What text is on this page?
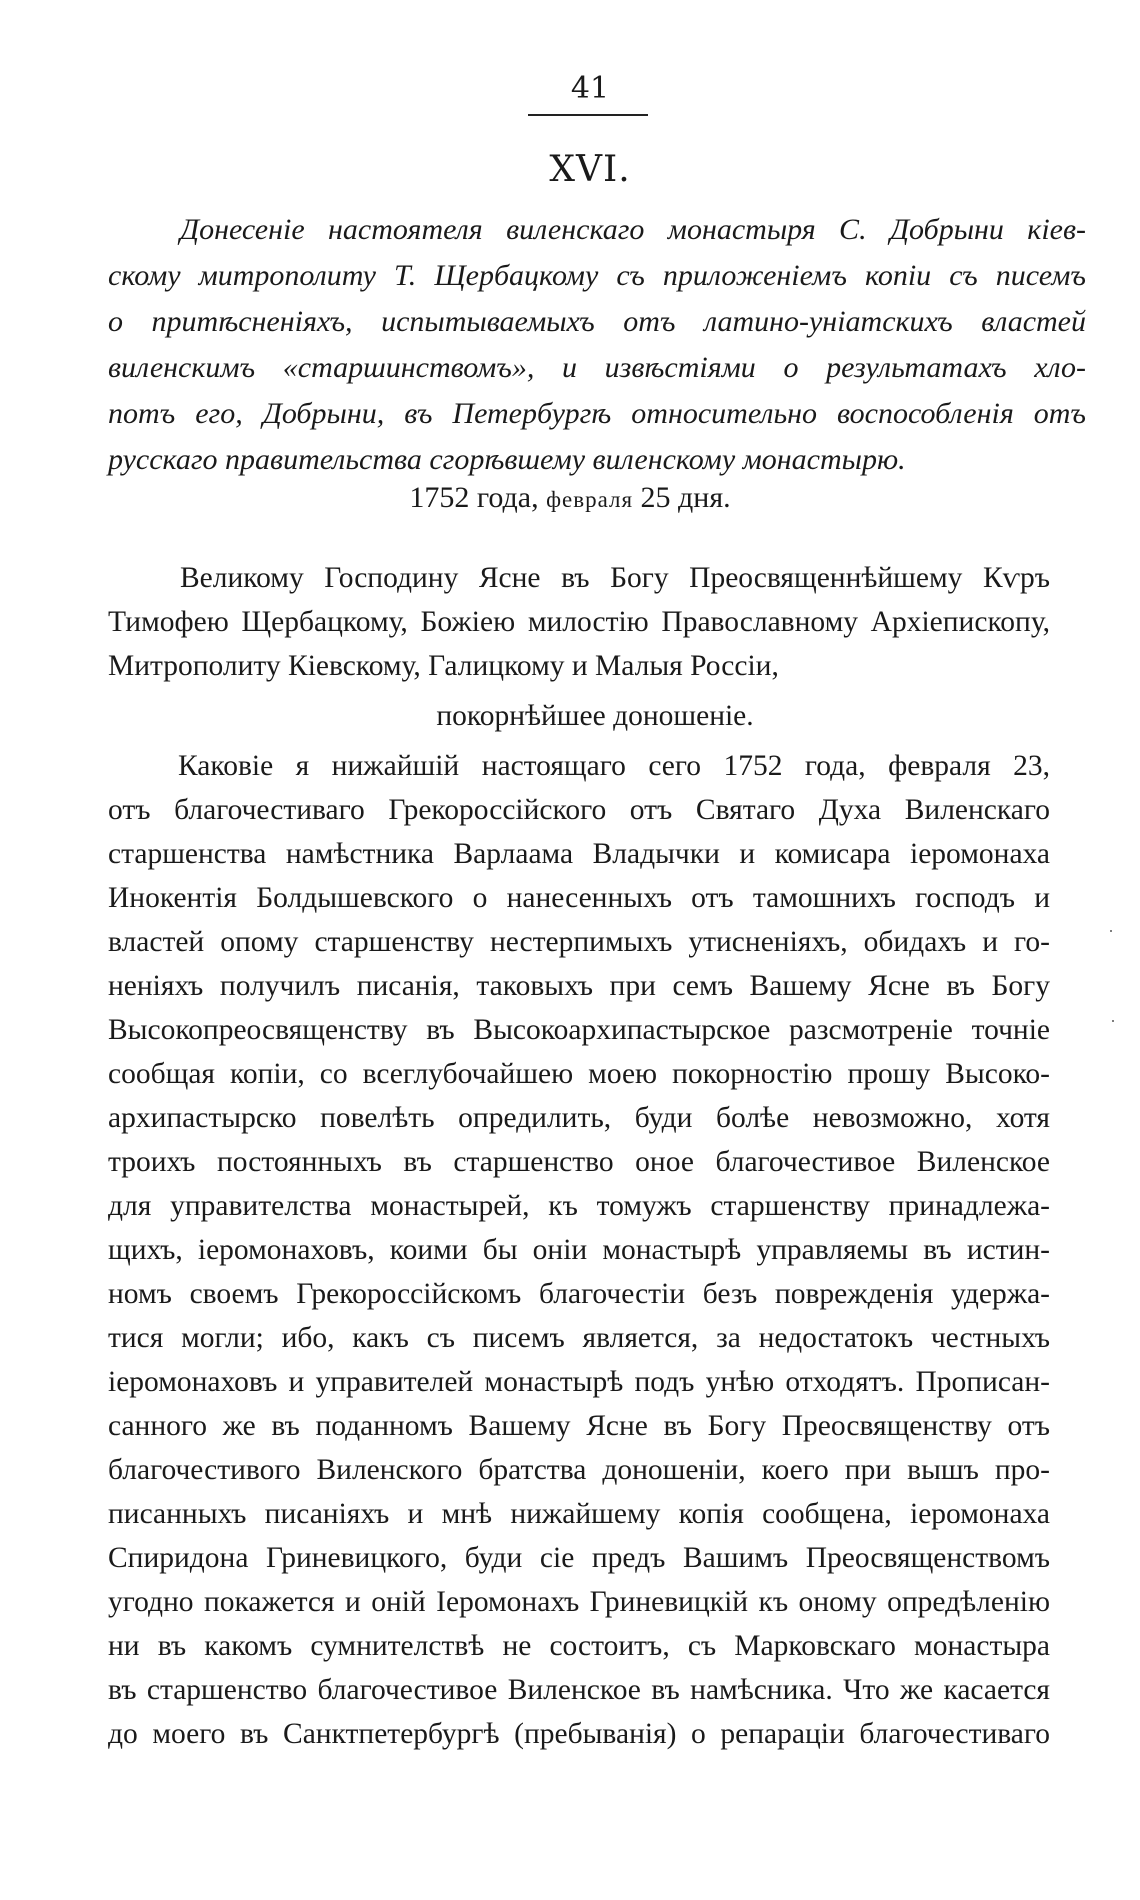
41
XVI.
Донесеніе настоятеля виленскаго монастыря С. Добрыни кiев-
скому митрополиту Т. Щербацкому съ приложеніемъ копіи съ писемъ
о притѣсненіяхъ, испытываемыхъ отъ латино-уніатскихъ властей
виленскимъ «старшинствомъ», и извѣстіями о результатахъ хло-
потъ его, Добрыни, въ Петербургѣ относительно воспособленія отъ
русскаго правительства сгорѣвшему виленскому монастырю.
1752 года, февраля 25 дня.
Великому Господину Ясне въ Богу Преосвященнѣйшему Кѵръ
Тимофею Щербацкому, Божіею милостію Православному Архіепископу,
Митрополиту Кіевскому, Галицкому и Малыя Россіи,
покорнѣйшее доношеніе.
Каковіе я нижайшій настоящаго сего 1752 года, февраля 23,
отъ благочестиваго Грекороссійского отъ Святаго Духа Виленскаго
старшенства намѣстника Варлаама Владычки и комисара іеромонаха
Инокентія Болдышевского о нанесенныхъ отъ тамошнихъ господъ и
властей опому старшенству нестерпимыхъ утисненіяхъ, обидахъ и го-
неніяхъ получилъ писанія, таковыхъ при семъ Вашему Ясне въ Богу
Высокопреосвященству въ Высокоархипастырское разсмотреніе точніе
сообщая копіи, со всеглубочайшею моею покорностію прошу Высоко-
архипастырско повелѣть опредилить, буди болѣе невозможно, хотя
троихъ постоянныхъ въ старшенство оное благочестивое Виленское
для управителства монастырей, къ томужъ старшенству принадлежа-
щихъ, іеромонаховъ, коими бы оніи монастырѣ управляемы въ истин-
номъ своемъ Грекороссійскомъ благочестіи безъ поврежденія удержа-
тися могли; ибо, какъ съ писемъ является, за недостатокъ честныхъ
іеромонаховъ и управителей монастырѣ подъ унѣю отходятъ. Прописан-
санного же въ поданномъ Вашему Ясне въ Богу Преосвященству отъ
благочестивого Виленского братства доношеніи, коего при вышъ про-
писанныхъ писаніяхъ и мнѣ нижайшему копія сообщена, іеромонаха
Спиридона Гриневицкого, буди сіе предъ Вашимъ Преосвященствомъ
угодно покажется и оній Іеромонахъ Гриневицкій къ оному опредѣленію
ни въ какомъ сумнителствѣ не состоитъ, съ Марковскаго монастыра
въ старшенство благочестивое Виленское въ намѣсника. Что же касается
до моего въ Санктпетербургѣ (пребыванія) о репараціи благочестиваго
